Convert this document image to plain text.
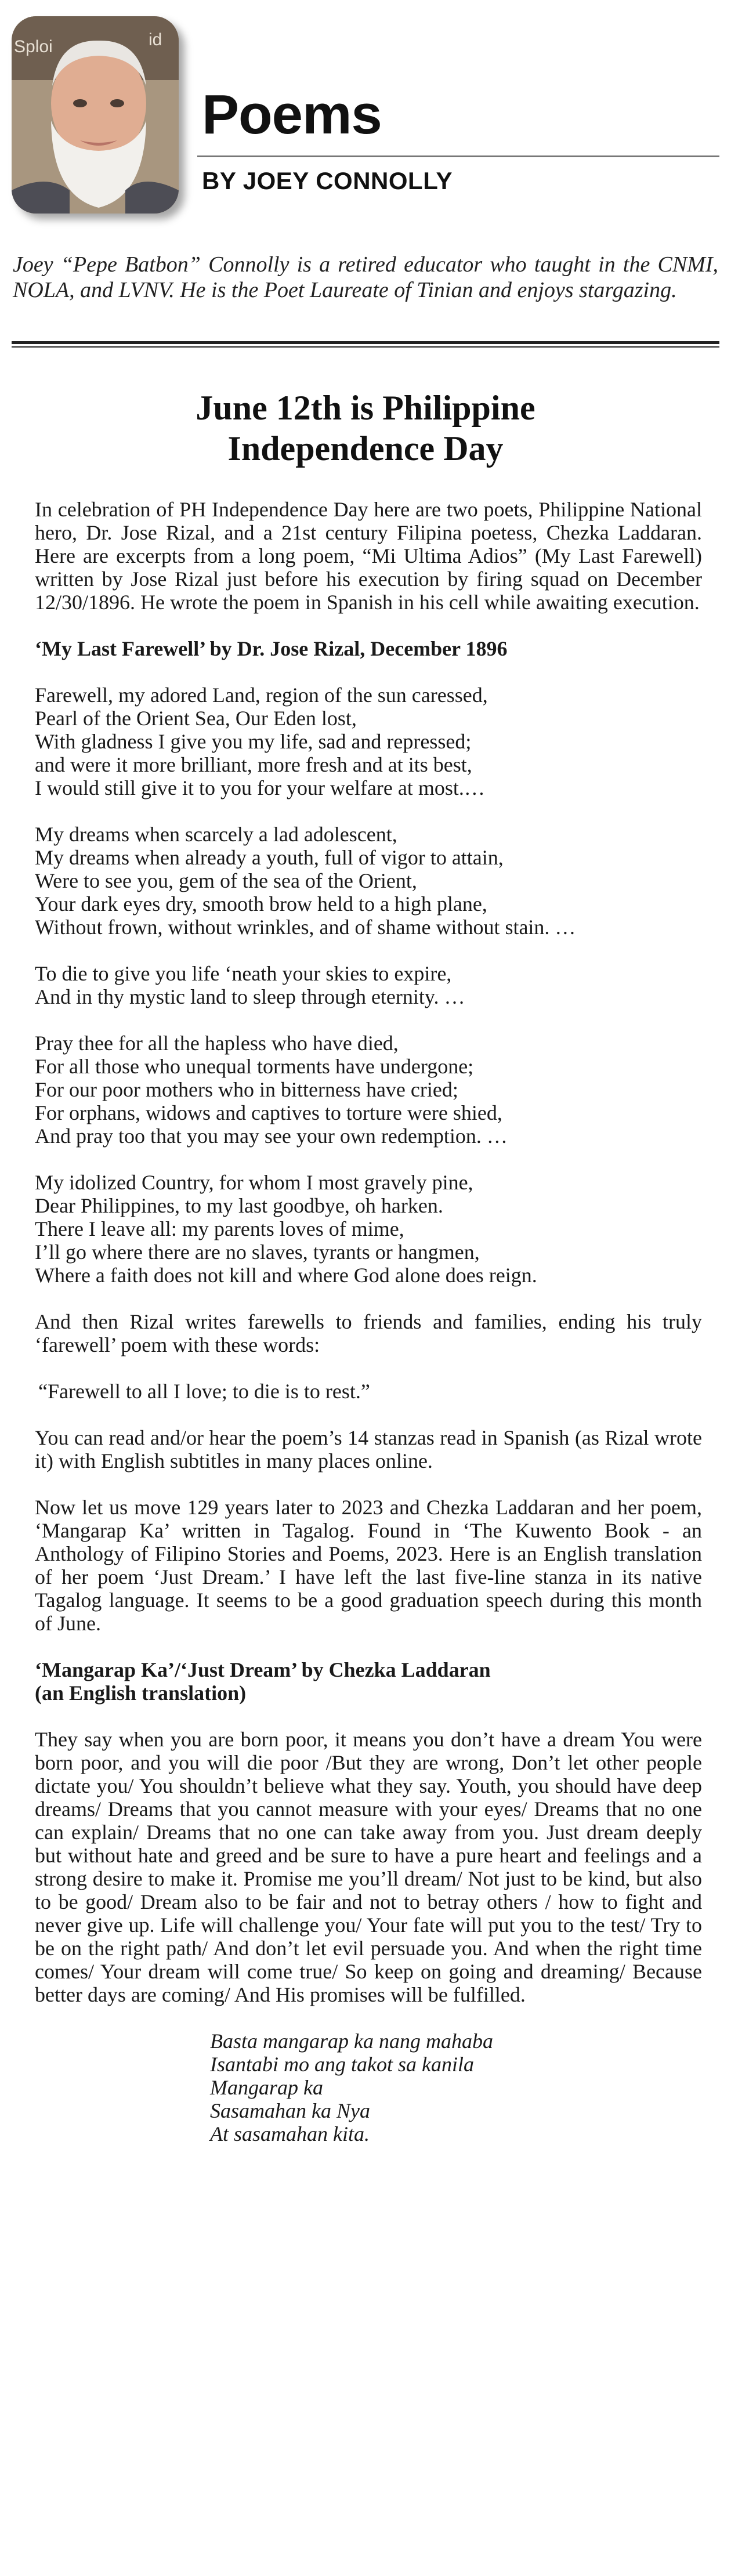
Sploi	id
Poems
BY JOEY CONNOLLY
Joey “Pepe Batbon” Connolly is a retired educator who taught in the CNMI, NOLA, and LVNV. He is the Poet Laureate of Tinian and enjoys stargazing.
June 12th is Philippine
Independence Day

In celebration of PH Independence Day here are two poets, Philippine National hero, Dr. Jose Rizal, and a 21st century Filipina poetess, Chezka Laddaran. Here are excerpts from a long poem, “Mi Ultima Adios” (My Last Farewell) written by Jose Rizal just before his execution by firing squad on December 12/30/1896. He wrote the poem in Spanish in his cell while awaiting execution.

‘My Last Farewell’ by Dr. Jose Rizal, December 1896

Farewell, my adored Land, region of the sun caressed,
Pearl of the Orient Sea, Our Eden lost,
With gladness I give you my life, sad and repressed;
and were it more brilliant, more fresh and at its best,
I would still give it to you for your welfare at most.…
My dreams when scarcely a lad adolescent,
My dreams when already a youth, full of vigor to attain,
Were to see you, gem of the sea of the Orient,
Your dark eyes dry, smooth brow held to a high plane,
Without frown, without wrinkles, and of shame without stain. …
To die to give you life ‘neath your skies to expire,
And in thy mystic land to sleep through eternity. …
Pray thee for all the hapless who have died,
For all those who unequal torments have undergone;
For our poor mothers who in bitterness have cried;
For orphans, widows and captives to torture were shied,
And pray too that you may see your own redemption. …
My idolized Country, for whom I most gravely pine,
Dear Philippines, to my last goodbye, oh harken.
There I leave all: my parents loves of mime,
I’ll go where there are no slaves, tyrants or hangmen,
Where a faith does not kill and where God alone does reign.

And then Rizal writes farewells to friends and families, ending his truly ‘farewell’ poem with these words:

“Farewell to all I love; to die is to rest.”

You can read and/or hear the poem’s 14 stanzas read in Spanish (as Rizal wrote it) with English subtitles in many places online.

Now let us move 129 years later to 2023 and Chezka Laddaran and her poem, ‘Mangarap Ka’ written in Tagalog. Found in ‘The Kuwento Book - an Anthology of Filipino Stories and Poems, 2023. Here is an English translation of her poem ‘Just Dream.’ I have left the last five-line stanza in its native Tagalog language. It seems to be a good graduation speech during this month of June.

‘Mangarap Ka’/‘Just Dream’ by Chezka Laddaran
(an English translation)

They say when you are born poor, it means you don’t have a dream You were born poor, and you will die poor /But they are wrong, Don’t let other people dictate you/ You shouldn’t believe what they say. Youth, you should have deep dreams/ Dreams that you cannot measure with your eyes/ Dreams that no one can explain/ Dreams that no one can take away from you. Just dream deeply but without hate and greed and be sure to have a pure heart and feelings and a strong desire to make it. Promise me you’ll dream/ Not just to be kind, but also to be good/ Dream also to be fair and not to betray others / how to fight and never give up. Life will challenge you/ Your fate will put you to the test/ Try to be on the right path/ And don’t let evil persuade you. And when the right time comes/ Your dream will come true/ So keep on going and dreaming/ Because better days are coming/ And His promises will be fulfilled.

Basta mangarap ka nang mahaba
Isantabi mo ang takot sa kanila
Mangarap ka
Sasamahan ka Nya
At sasamahan kita.
